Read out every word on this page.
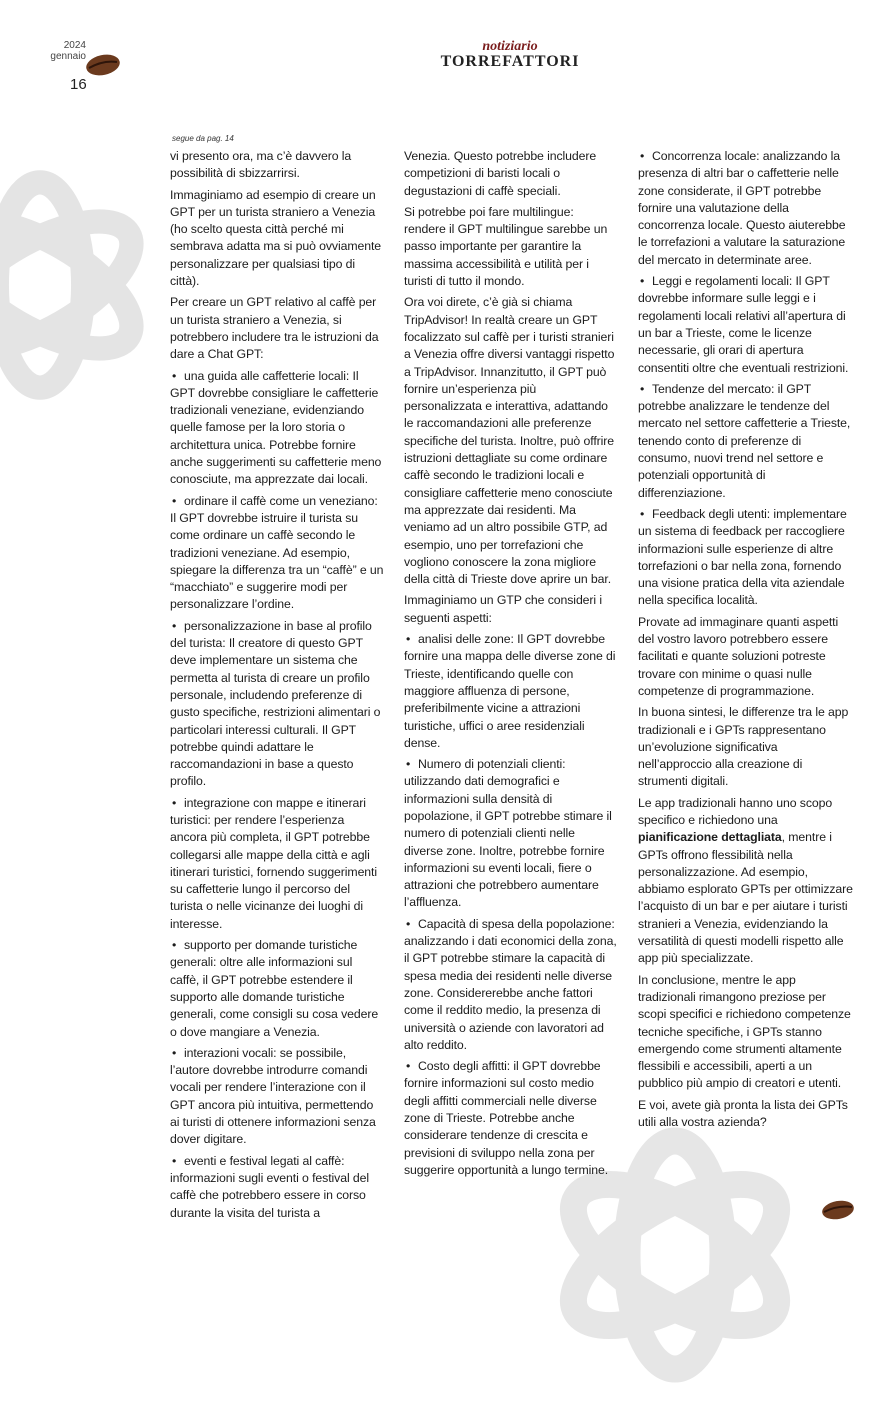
2024
gennaio
16
notiziario
TORREFATTORI
segue da pag. 14

vi presento ora, ma c’è davvero la possibilità di sbizzarrirsi.

Immaginiamo ad esempio di creare un GPT per un turista straniero a Venezia (ho scelto questa città perché mi sembrava adatta ma si può ovviamente personalizzare per qualsiasi tipo di città).

Per creare un GPT relativo al caffè per un turista straniero a Venezia, si potrebbero includere tra le istruzioni da dare a Chat GPT:

• una guida alle caffetterie locali: Il GPT dovrebbe consigliare le caffetterie tradizionali veneziane, evidenziando quelle famose per la loro storia o architettura unica. Potrebbe fornire anche suggerimenti su caffetterie meno conosciute, ma apprezzate dai locali.

• ordinare il caffè come un veneziano: Il GPT dovrebbe istruire il turista su come ordinare un caffè secondo le tradizioni veneziane. Ad esempio, spiegare la differenza tra un “caffè” e un “macchiato” e suggerire modi per personalizzare l’ordine.

• personalizzazione in base al profilo del turista: Il creatore di questo GPT deve implementare un sistema che permetta al turista di creare un profilo personale, includendo preferenze di gusto specifiche, restrizioni alimentari o particolari interessi culturali. Il GPT potrebbe quindi adattare le raccomandazioni in base a questo profilo.

• integrazione con mappe e itinerari turistici: per rendere l’esperienza ancora più completa, il GPT potrebbe collegarsi alle mappe della città e agli itinerari turistici, fornendo suggerimenti su caffetterie lungo il percorso del turista o nelle vicinanze dei luoghi di interesse.

• supporto per domande turistiche generali: oltre alle informazioni sul caffè, il GPT potrebbe estendere il supporto alle domande turistiche generali, come consigli su cosa vedere o dove mangiare a Venezia.

• interazioni vocali: se possibile, l’autore dovrebbe introdurre comandi vocali per rendere l’interazione con il GPT ancora più intuitiva, permettendo ai turisti di ottenere informazioni senza dover digitare.

• eventi e festival legati al caffè: informazioni sugli eventi o festival del caffè che potrebbero essere in corso durante la visita del turista a

Venezia. Questo potrebbe includere competizioni di baristi locali o degustazioni di caffè speciali.

Si potrebbe poi fare multilingue: rendere il GPT multilingue sarebbe un passo importante per garantire la massima accessibilità e utilità per i turisti di tutto il mondo.

Ora voi direte, c’è già si chiama TripAdvisor! In realtà creare un GPT focalizzato sul caffè per i turisti stranieri a Venezia offre diversi vantaggi rispetto a TripAdvisor. Innanzitutto, il GPT può fornire un’esperienza più personalizzata e interattiva, adattando le raccomandazioni alle preferenze specifiche del turista. Inoltre, può offrire istruzioni dettagliate su come ordinare caffè secondo le tradizioni locali e consigliare caffetterie meno conosciute ma apprezzate dai residenti. Ma veniamo ad un altro possibile GTP, ad esempio, uno per torrefazioni che vogliono conoscere la zona migliore della città di Trieste dove aprire un bar.

Immaginiamo un GTP che consideri i seguenti aspetti:

• analisi delle zone: Il GPT dovrebbe fornire una mappa delle diverse zone di Trieste, identificando quelle con maggiore affluenza di persone, preferibilmente vicine a attrazioni turistiche, uffici o aree residenziali dense.

• Numero di potenziali clienti: utilizzando dati demografici e informazioni sulla densità di popolazione, il GPT potrebbe stimare il numero di potenziali clienti nelle diverse zone. Inoltre, potrebbe fornire informazioni su eventi locali, fiere o attrazioni che potrebbero aumentare l’affluenza.

• Capacità di spesa della popolazione: analizzando i dati economici della zona, il GPT potrebbe stimare la capacità di spesa media dei residenti nelle diverse zone. Considererebbe anche fattori come il reddito medio, la presenza di università o aziende con lavoratori ad alto reddito.

• Costo degli affitti: il GPT dovrebbe fornire informazioni sul costo medio degli affitti commerciali nelle diverse zone di Trieste. Potrebbe anche considerare tendenze di crescita e previsioni di sviluppo nella zona per suggerire opportunità a lungo termine.

• Concorrenza locale: analizzando la presenza di altri bar o caffetterie nelle zone considerate, il GPT potrebbe fornire una valutazione della concorrenza locale. Questo aiuterebbe le torrefazioni a valutare la saturazione del mercato in determinate aree.

• Leggi e regolamenti locali: Il GPT dovrebbe informare sulle leggi e i regolamenti locali relativi all’apertura di un bar a Trieste, come le licenze necessarie, gli orari di apertura consentiti oltre che eventuali restrizioni.

• Tendenze del mercato: il GPT potrebbe analizzare le tendenze del mercato nel settore caffetterie a Trieste, tenendo conto di preferenze di consumo, nuovi trend nel settore e potenziali opportunità di differenziazione.

• Feedback degli utenti: implementare un sistema di feedback per raccogliere informazioni sulle esperienze di altre torrefazioni o bar nella zona, fornendo una visione pratica della vita aziendale nella specifica località.

Provate ad immaginare quanti aspetti del vostro lavoro potrebbero essere facilitati e quante soluzioni potreste trovare con minime o quasi nulle competenze di programmazione.

In buona sintesi, le differenze tra le app tradizionali e i GPTs rappresentano un’evoluzione significativa nell’approccio alla creazione di strumenti digitali.

Le app tradizionali hanno uno scopo specifico e richiedono una pianificazione dettagliata, mentre i GPTs offrono flessibilità nella personalizzazione. Ad esempio, abbiamo esplorato GPTs per ottimizzare l’acquisto di un bar e per aiutare i turisti stranieri a Venezia, evidenziando la versatilità di questi modelli rispetto alle app più specializzate.

In conclusione, mentre le app tradizionali rimangono preziose per scopi specifici e richiedono competenze tecniche specifiche, i GPTs stanno emergendo come strumenti altamente flessibili e accessibili, aperti a un pubblico più ampio di creatori e utenti.

E voi, avete già pronta la lista dei GPTs utili alla vostra azienda?
